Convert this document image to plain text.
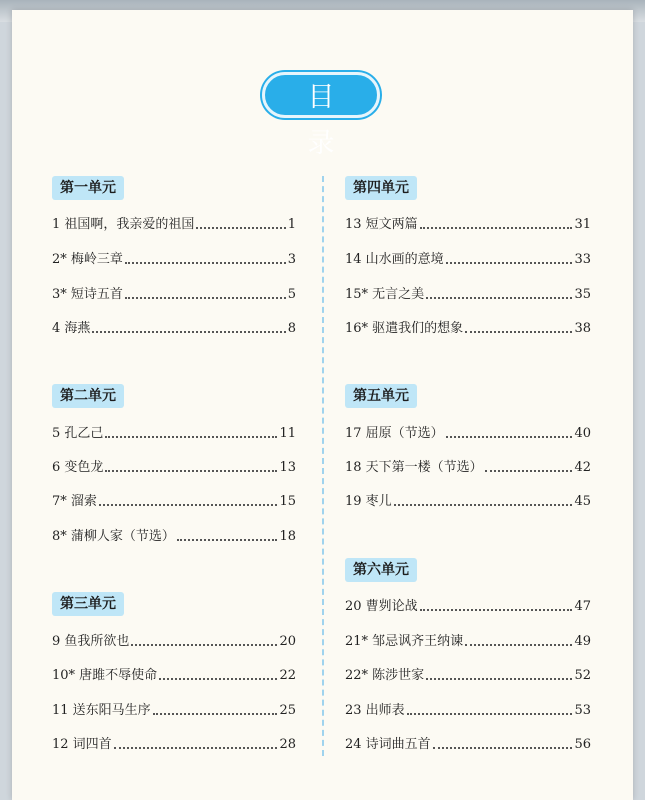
目 录
第一单元
1 祖国啊，我亲爱的祖国	1
2* 梅岭三章	3
3* 短诗五首	5
4 海燕	8
第二单元
5 孔乙己	11
6 变色龙	13
7* 溜索	15
8* 蒲柳人家（节选）	18
第三单元
9 鱼我所欲也	20
10* 唐雎不辱使命	22
11 送东阳马生序	25
12 词四首	28
第四单元
13 短文两篇	31
14 山水画的意境	33
15* 无言之美	35
16* 驱遣我们的想象	38
第五单元
17 屈原（节选）	40
18 天下第一楼（节选）	42
19 枣儿	45
第六单元
20 曹刿论战	47
21* 邹忌讽齐王纳谏	49
22* 陈涉世家	52
23 出师表	53
24 诗词曲五首	56
